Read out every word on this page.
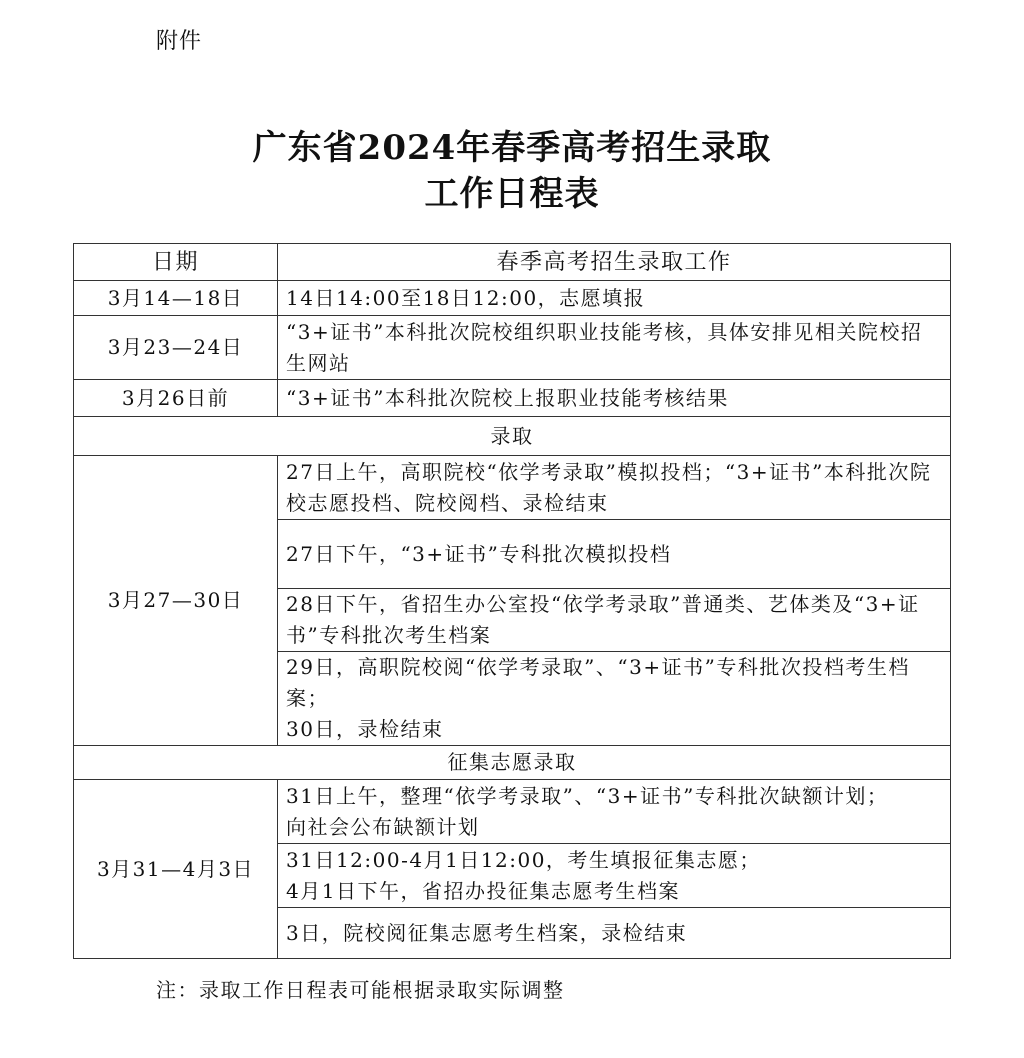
附件
广东省2024年春季高考招生录取
工作日程表
日期	春季高考招生录取工作
3月14—18日	14日14:00至18日12:00，志愿填报
3月23—24日	“3+证书”本科批次院校组织职业技能考核，具体安排见相关院校招生网站
3月26日前	“3+证书”本科批次院校上报职业技能考核结果
录取	
3月27—30日	27日上午，高职院校“依学考录取”模拟投档；“3+证书”本科批次院校志愿投档、院校阅档、录检结束
	27日下午，“3+证书”专科批次模拟投档
	28日下午，省招生办公室投“依学考录取”普通类、艺体类及“3+证书”专科批次考生档案
	29日，高职院校阅“依学考录取”、“3+证书”专科批次投档考生档案；
30日，录检结束
征集志愿录取	
3月31—4月3日	31日上午，整理“依学考录取”、“3+证书”专科批次缺额计划；
向社会公布缺额计划
	31日12:00-4月1日12:00，考生填报征集志愿；
4月1日下午，省招办投征集志愿考生档案
	3日，院校阅征集志愿考生档案，录检结束
注：录取工作日程表可能根据录取实际调整
